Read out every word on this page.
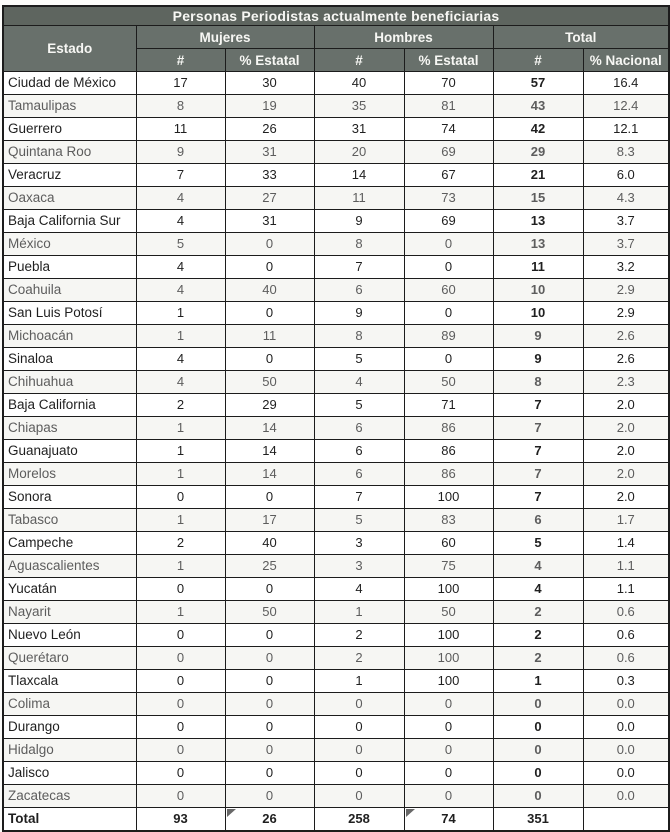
Personas Periodistas actualmente beneficiarias						
Estado	Mujeres		Hombres		Total	
	#	% Estatal	#	% Estatal	#	% Nacional
Ciudad de México	17	30	40	70	57	16.4
Tamaulipas	8	19	35	81	43	12.4
Guerrero	11	26	31	74	42	12.1
Quintana Roo	9	31	20	69	29	8.3
Veracruz	7	33	14	67	21	6.0
Oaxaca	4	27	11	73	15	4.3
Baja California Sur	4	31	9	69	13	3.7
México	5	0	8	0	13	3.7
Puebla	4	0	7	0	11	3.2
Coahuila	4	40	6	60	10	2.9
San Luis Potosí	1	0	9	0	10	2.9
Michoacán	1	11	8	89	9	2.6
Sinaloa	4	0	5	0	9	2.6
Chihuahua	4	50	4	50	8	2.3
Baja California	2	29	5	71	7	2.0
Chiapas	1	14	6	86	7	2.0
Guanajuato	1	14	6	86	7	2.0
Morelos	1	14	6	86	7	2.0
Sonora	0	0	7	100	7	2.0
Tabasco	1	17	5	83	6	1.7
Campeche	2	40	3	60	5	1.4
Aguascalientes	1	25	3	75	4	1.1
Yucatán	0	0	4	100	4	1.1
Nayarit	1	50	1	50	2	0.6
Nuevo León	0	0	2	100	2	0.6
Querétaro	0	0	2	100	2	0.6
Tlaxcala	0	0	1	100	1	0.3
Colima	0	0	0	0	0	0.0
Durango	0	0	0	0	0	0.0
Hidalgo	0	0	0	0	0	0.0
Jalisco	0	0	0	0	0	0.0
Zacatecas	0	0	0	0	0	0.0
Total	93	26	258	74	351	
